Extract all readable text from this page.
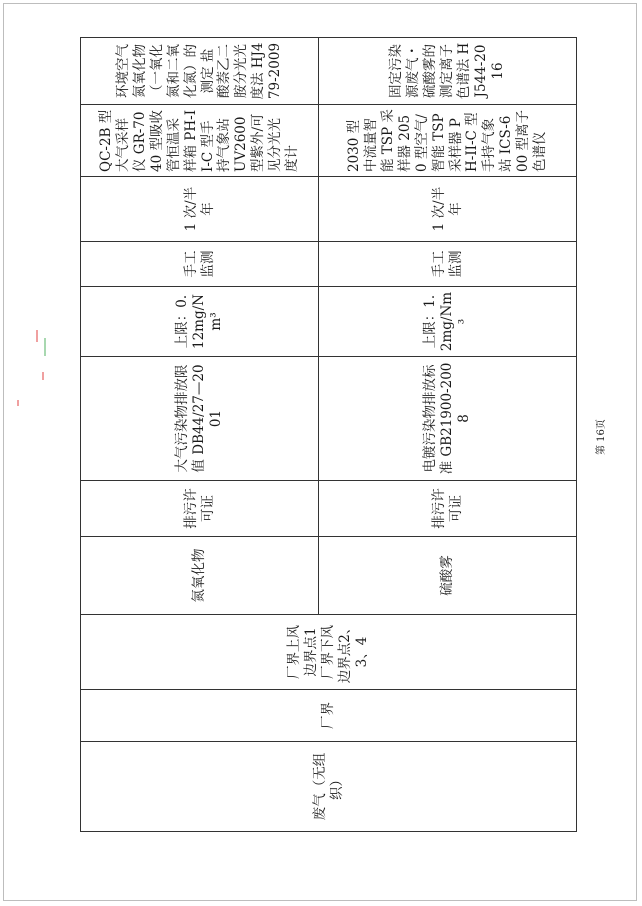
废气（无组织）	厂界	厂界上风边界点1 厂界下风边界点2、3、4	氮氧化物	排污许可证	大气污染物排放限值 DB44/27—2001	上限：0.12mg/Nm³	手工监测	1 次/半年	QC-2B 型大气采样仪 GR-7040 型吸收管恒温采样箱 PH-II-C 型手持气象站 UV2600 型紫外/可见分光光度计	环境空气氮氧化物（一氧化氮和二氧化氮）的测定 盐酸萘乙二胺分光光度法 HJ479-2009
			硫酸雾	排污许可证	电镀污染物排放标准 GB21900-2008	上限：1.2mg/Nm³	手工监测	1 次/半年	2030 型中流量智能 TSP 采样器 2050 型空气/智能 TSP 采样器 PH-II-C 型手持气象站 ICS-600 型离子色谱仪	固定污染源废气・硫酸雾的测定离子色谱法 HJ544-2016
第 16页
